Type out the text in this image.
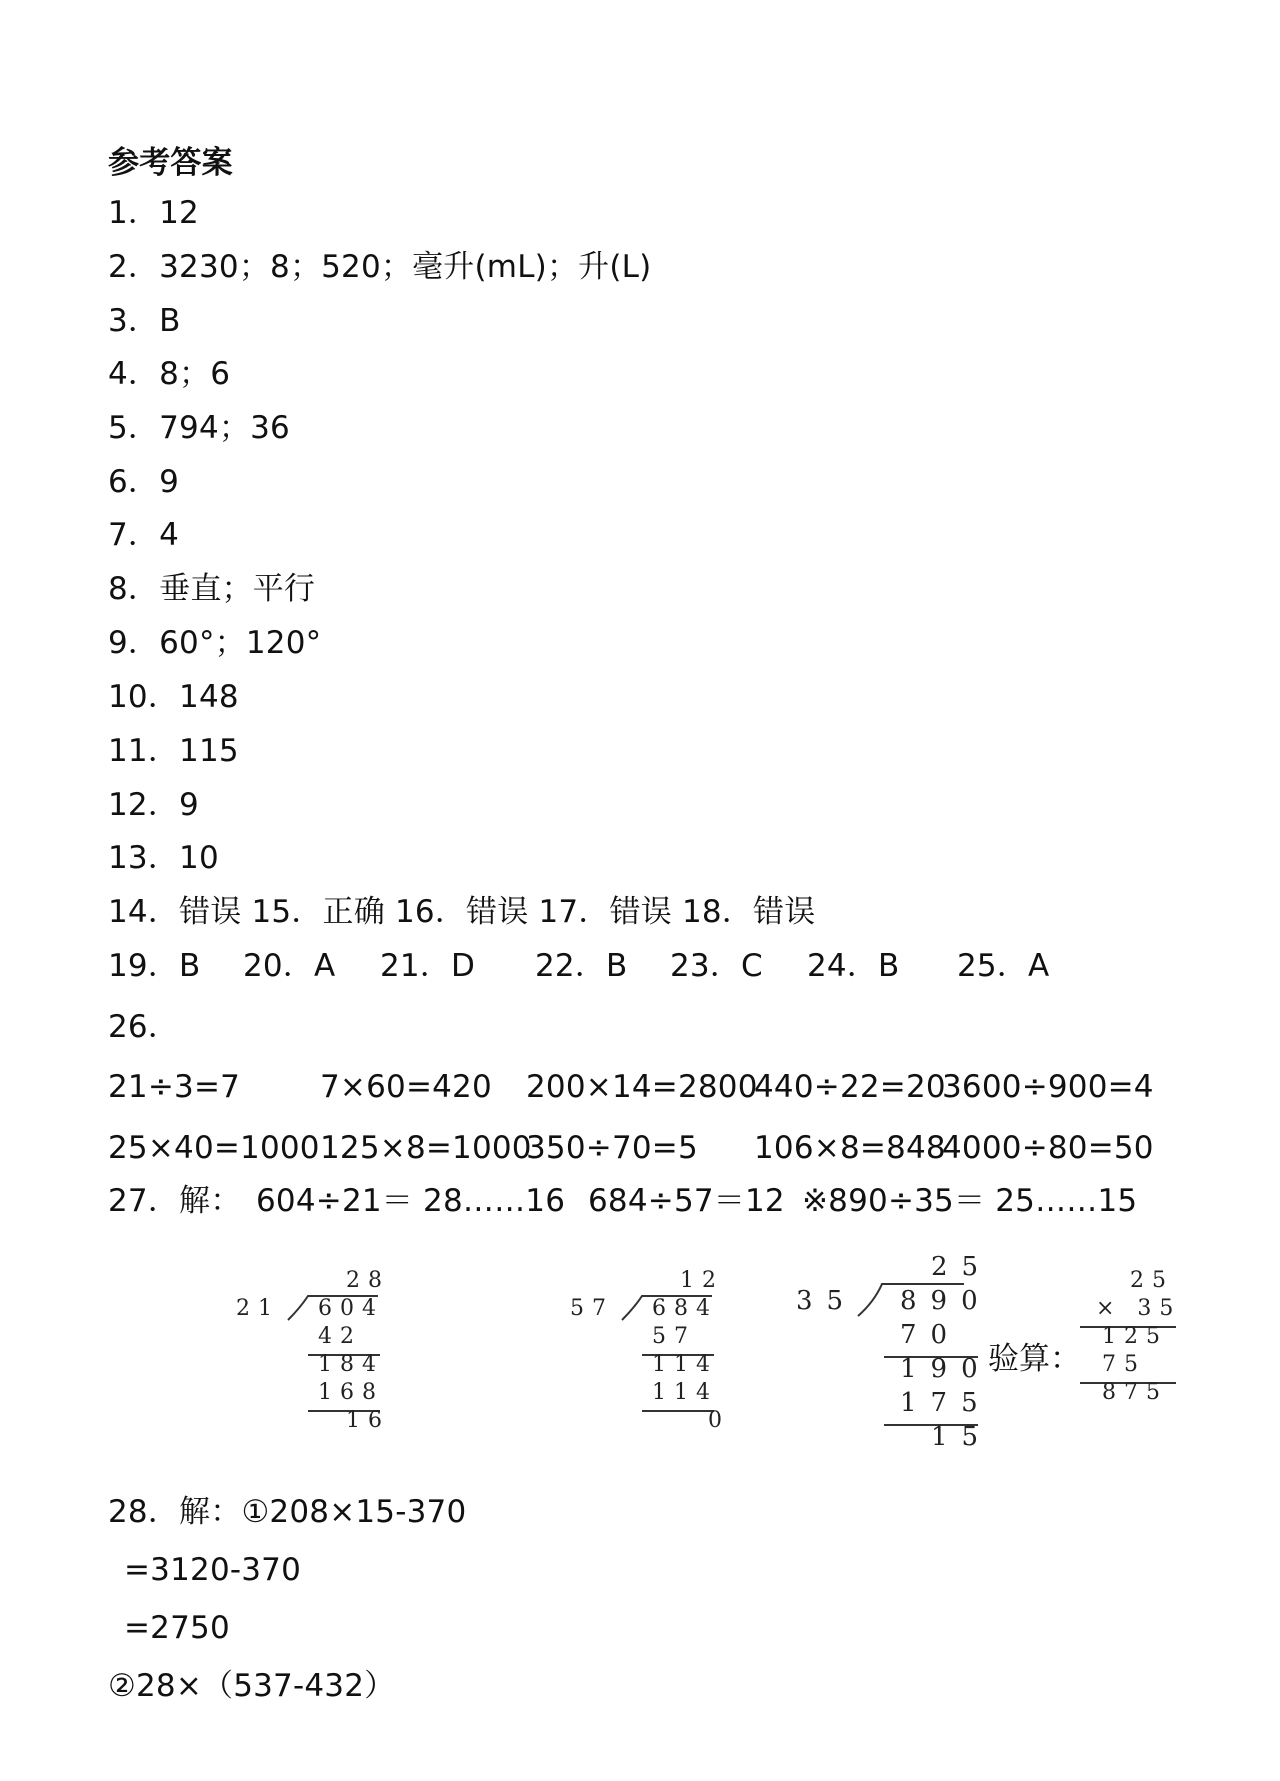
参考答案
1．12
2．3230；8；520；毫升(mL)；升(L)
3．B
4．8；6
5．794；36
6．9
7．4
8．垂直；平行
9．60°；120°
10．148
11．115
12．9
13．10
14．错误 15．正确 16．错误 17．错误 18．错误

19．B

20．A

21．D

22．B

23．C

24．B

25．A

26．

21÷3=7

	7×60=420

200×14=2800

440÷22=20

3600÷900=4

25×40=1000

125×8=1000

350÷70=5

106×8=848

4000÷80=50

27．解：

604÷21＝ 28……16

684÷57＝12

※890÷35＝ 25……15

28
21 604
42
184
168
16
12
57 684
57
114
114
0
25
35 890
70
190
175
15
验算：
25
× 35
125
75
875
28．解：①208×15-370
=3120-370
=2750
②28×（537-432）
